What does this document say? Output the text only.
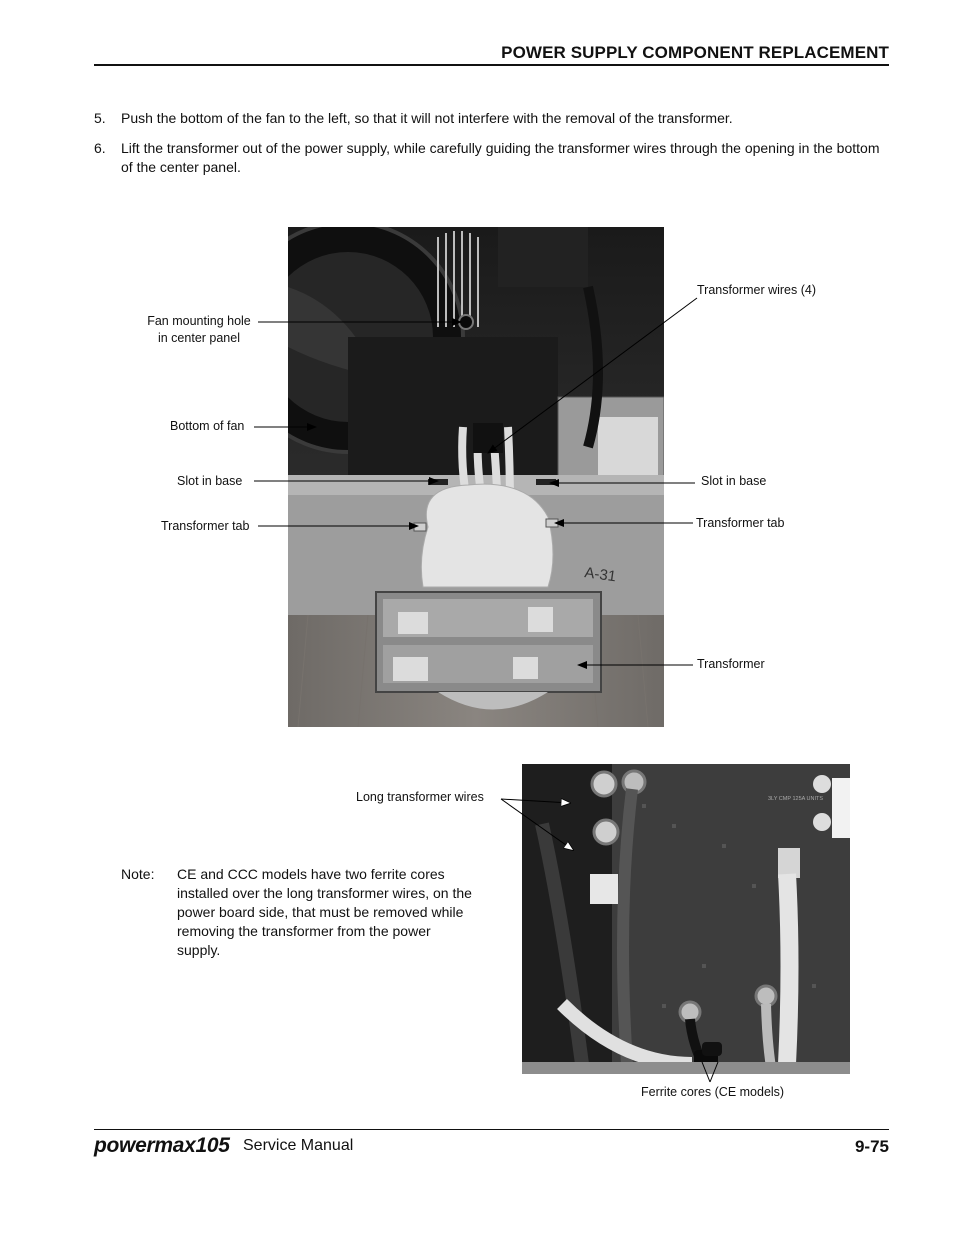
POWER SUPPLY COMPONENT REPLACEMENT
5. Push the bottom of the fan to the left, so that it will not interfere with the removal of the transformer.
6. Lift the transformer out of the power supply, while carefully guiding the transformer wires through the opening in the bottom of the center panel.
A-31
Fan mounting hole
in center panel
Bottom of fan
Slot in base
Transformer tab
Transformer wires (4)
Slot in base
Transformer tab
Transformer
3LY CMP 125A UNITS
Long transformer wires
Ferrite cores (CE models)
Note: CE and CCC models have two ferrite cores installed over the long transformer wires, on the power board side, that must be removed while removing the transformer from the power supply.
powermax105 Service Manual	9-75
